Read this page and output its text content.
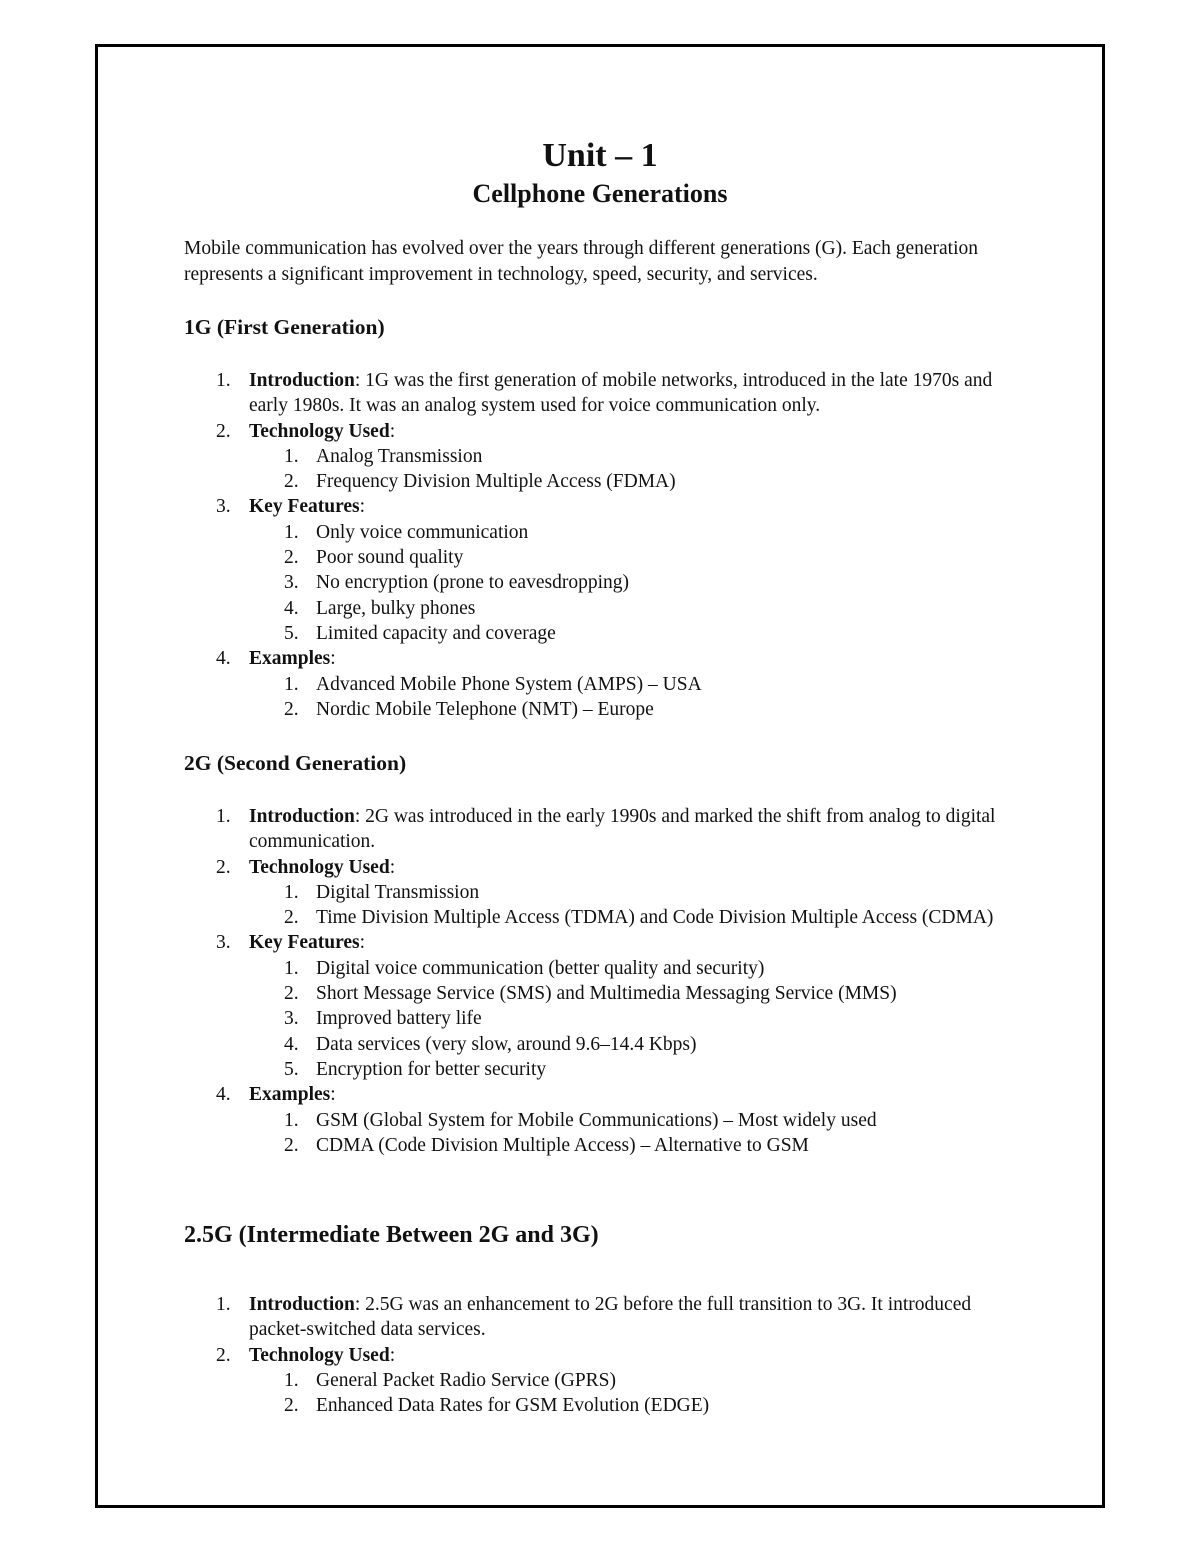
Unit – 1
Cellphone Generations

Mobile communication has evolved over the years through different generations (G). Each generation represents a significant improvement in technology, speed, security, and services.

1G (First Generation)
1. Introduction: 1G was the first generation of mobile networks, introduced in the late 1970s and early 1980s. It was an analog system used for voice communication only.
2. Technology Used:
1. Analog Transmission
2. Frequency Division Multiple Access (FDMA)
3. Key Features:
1. Only voice communication
2. Poor sound quality
3. No encryption (prone to eavesdropping)
4. Large, bulky phones
5. Limited capacity and coverage
4. Examples:
1. Advanced Mobile Phone System (AMPS) – USA
2. Nordic Mobile Telephone (NMT) – Europe
2G (Second Generation)
1. Introduction: 2G was introduced in the early 1990s and marked the shift from analog to digital communication.
2. Technology Used:
1. Digital Transmission
2. Time Division Multiple Access (TDMA) and Code Division Multiple Access (CDMA)
3. Key Features:
1. Digital voice communication (better quality and security)
2. Short Message Service (SMS) and Multimedia Messaging Service (MMS)
3. Improved battery life
4. Data services (very slow, around 9.6–14.4 Kbps)
5. Encryption for better security
4. Examples:
1. GSM (Global System for Mobile Communications) – Most widely used
2. CDMA (Code Division Multiple Access) – Alternative to GSM
2.5G (Intermediate Between 2G and 3G)
1. Introduction: 2.5G was an enhancement to 2G before the full transition to 3G. It introduced packet-switched data services.
2. Technology Used:
1. General Packet Radio Service (GPRS)
2. Enhanced Data Rates for GSM Evolution (EDGE)
